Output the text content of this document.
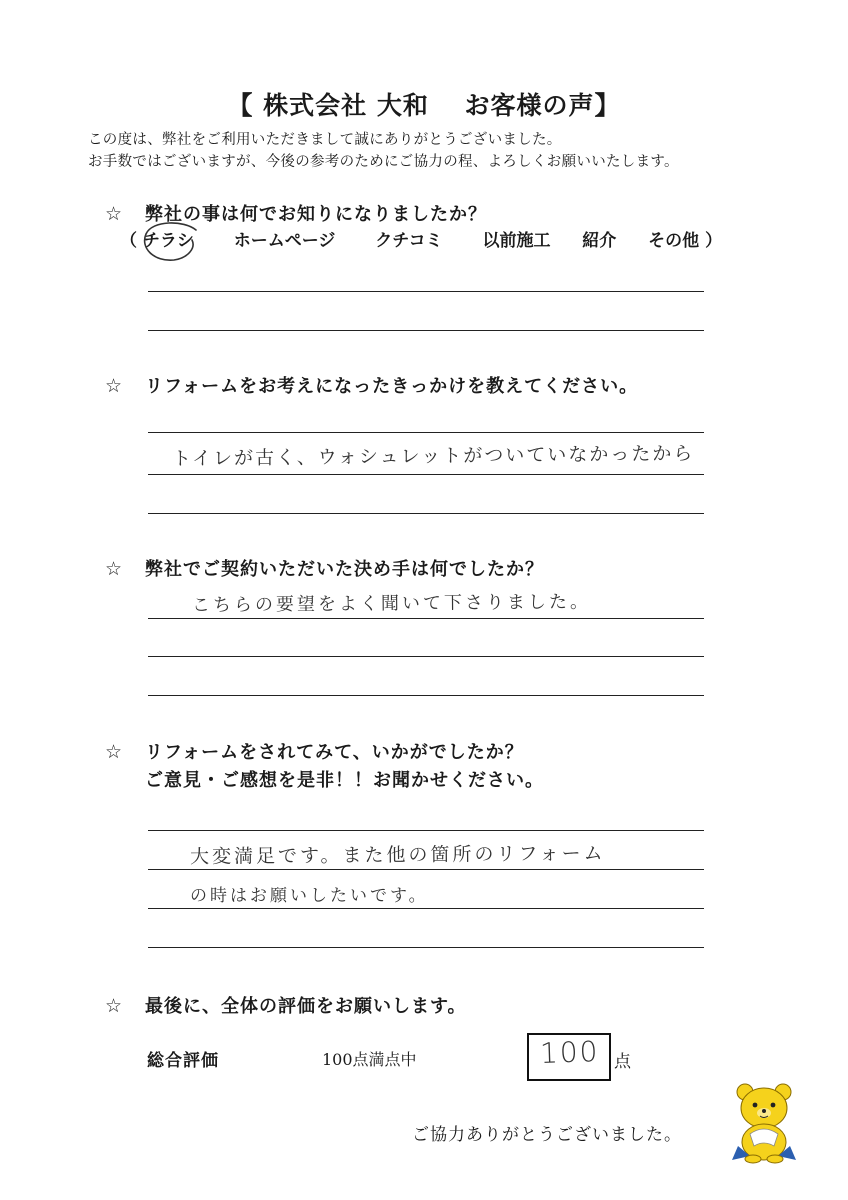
【 株式会社 大和　 お客様の声】
この度は、弊社をご利用いただきまして誠にありがとうございました。
お手数ではございますが、今後の参考のためにご協力の程、よろしくお願いいたします。
☆ 弊社の事は何でお知りになりましたか？
（ チラシ ホームページ クチコミ 以前施工 紹介 その他 ）
☆ リフォームをお考えになったきっかけを教えてください。
トイレが古く、ウォシュレットがついていなかったから
☆ 弊社でご契約いただいた決め手は何でしたか？
こちらの要望をよく聞いて下さりました。
☆ リフォームをされてみて、いかがでしたか？
ご意見・ご感想を是非！！お聞かせください。
大変満足です。また他の箇所のリフォーム
の時はお願いしたいです。
☆ 最後に、全体の評価をお願いします。
総合評価	100点満点中	100 点
ご協力ありがとうございました。
